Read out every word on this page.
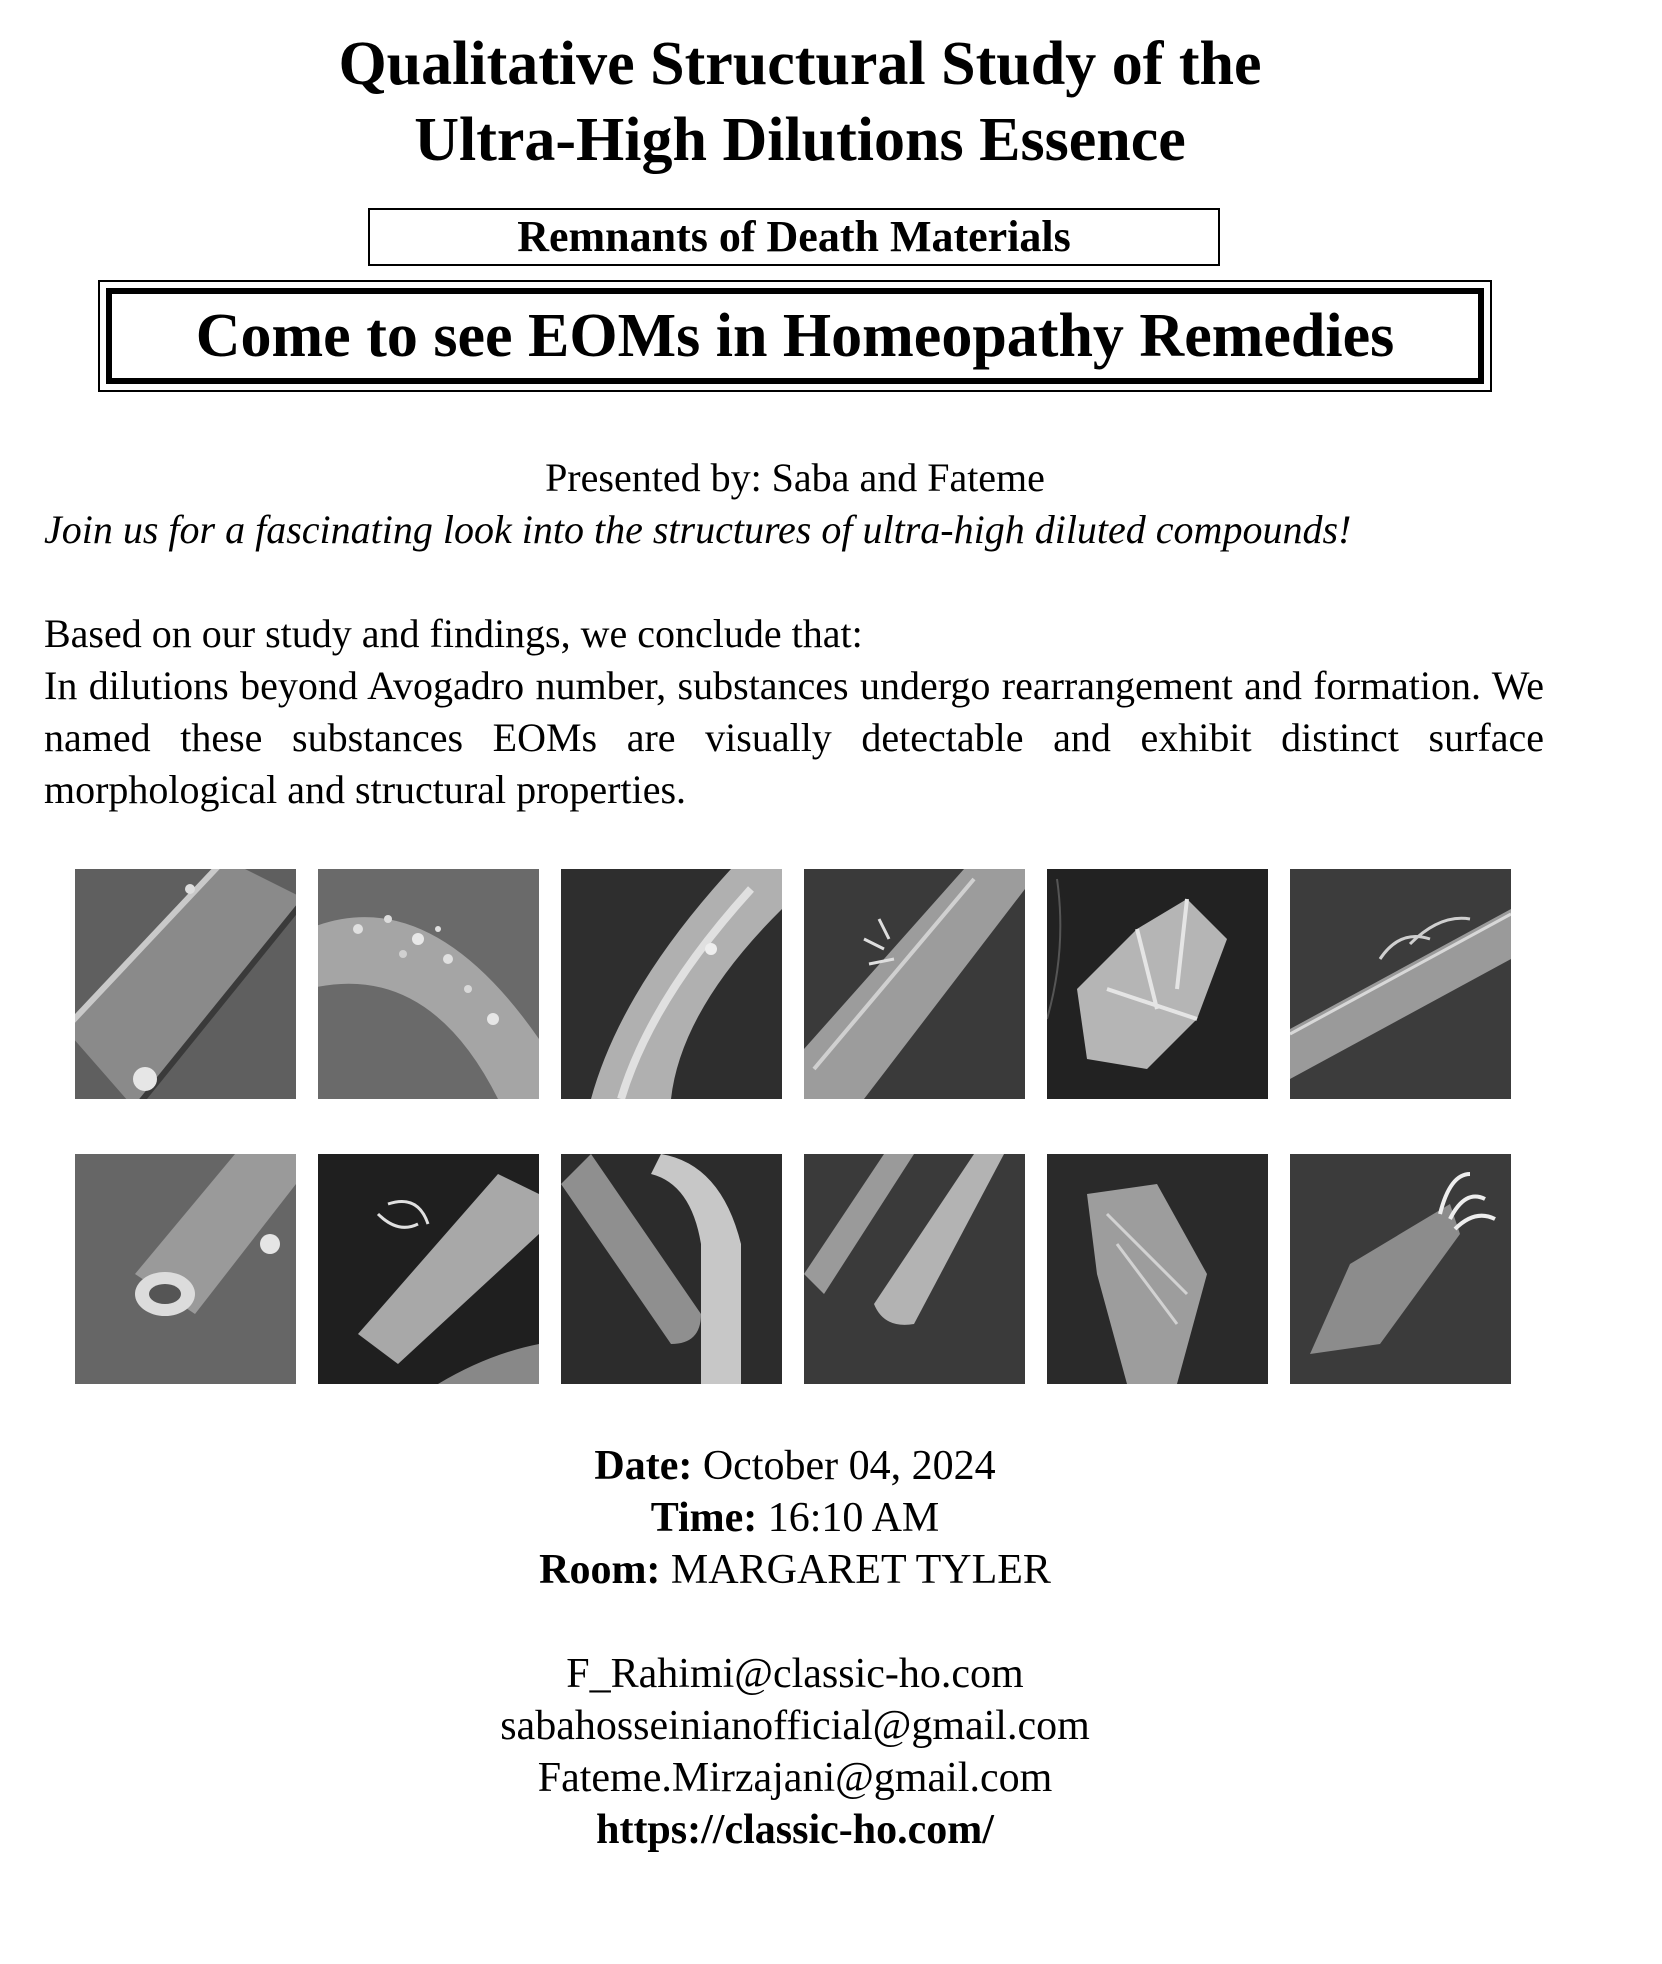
Qualitative Structural Study of the
Ultra-High Dilutions Essence
Remnants of Death Materials
Come to see EOMs in Homeopathy Remedies
Presented by: Saba and Fateme
Join us for a fascinating look into the structures of ultra-high diluted compounds!
Based on our study and findings, we conclude that:
In dilutions beyond Avogadro number, substances undergo rearrangement and formation. We named these substances EOMs are visually detectable and exhibit distinct surface morphological and structural properties.
Date: October 04, 2024
Time: 16:10 AM
Room: MARGARET TYLER
F_Rahimi@classic-ho.com
sabahosseinianofficial@gmail.com
Fateme.Mirzajani@gmail.com
https://classic-ho.com/
